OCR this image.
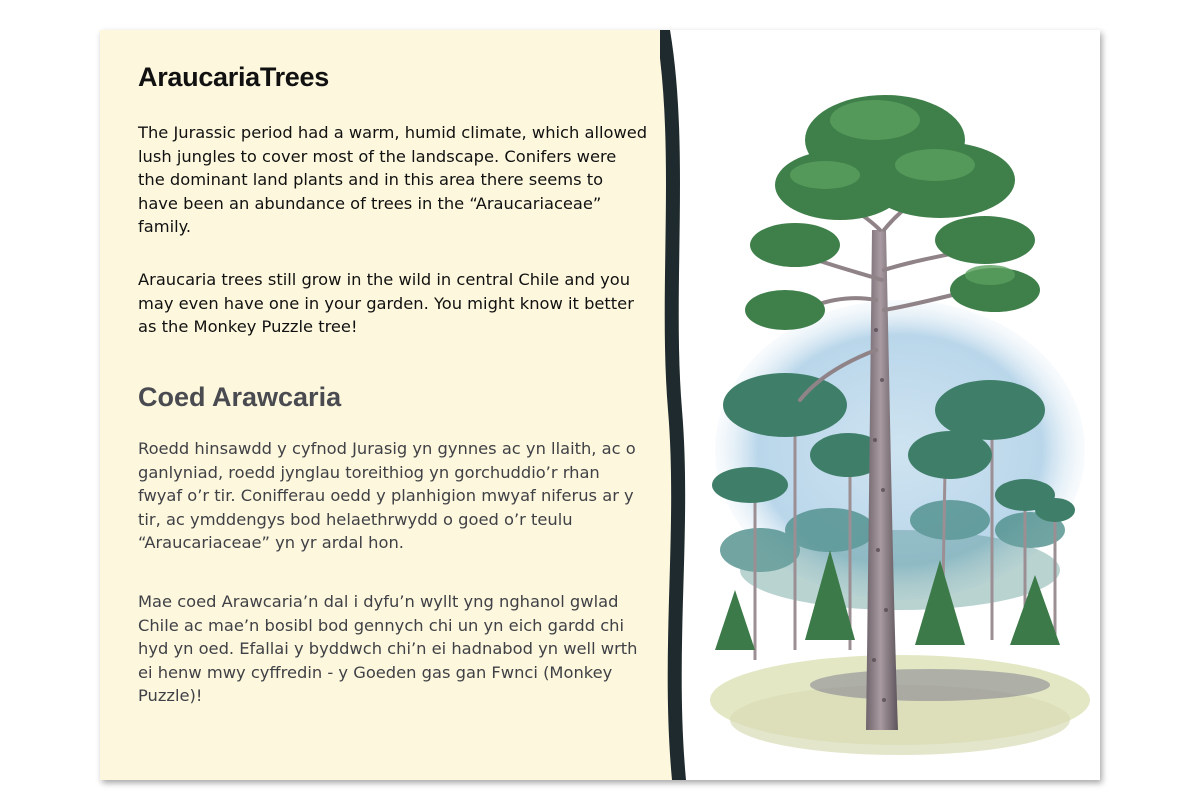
AraucariaTrees

The Jurassic period had a warm, humid climate, which allowed lush jungles to cover most of the landscape. Conifers were the dominant land plants and in this area there seems to have been an abundance of trees in the “Araucariaceae” family.

Araucaria trees still grow in the wild in central Chile and you may even have one in your garden. You might know it better as the Monkey Puzzle tree!

Coed Arawcaria

Roedd hinsawdd y cyfnod Jurasig yn gynnes ac yn llaith, ac o ganlyniad, roedd jynglau toreithiog yn gorchuddio’r rhan fwyaf o’r tir. Conifferau oedd y planhigion mwyaf niferus ar y tir, ac ymddengys bod helaethrwydd o goed o’r teulu “Araucariaceae” yn yr ardal hon.

Mae coed Arawcaria’n dal i dyfu’n wyllt yng nghanol gwlad Chile ac mae’n bosibl bod gennych chi un yn eich gardd chi hyd yn oed. Efallai y byddwch chi’n ei hadnabod yn well wrth ei henw mwy cyffredin - y Goeden gas gan Fwnci (Monkey Puzzle)!
